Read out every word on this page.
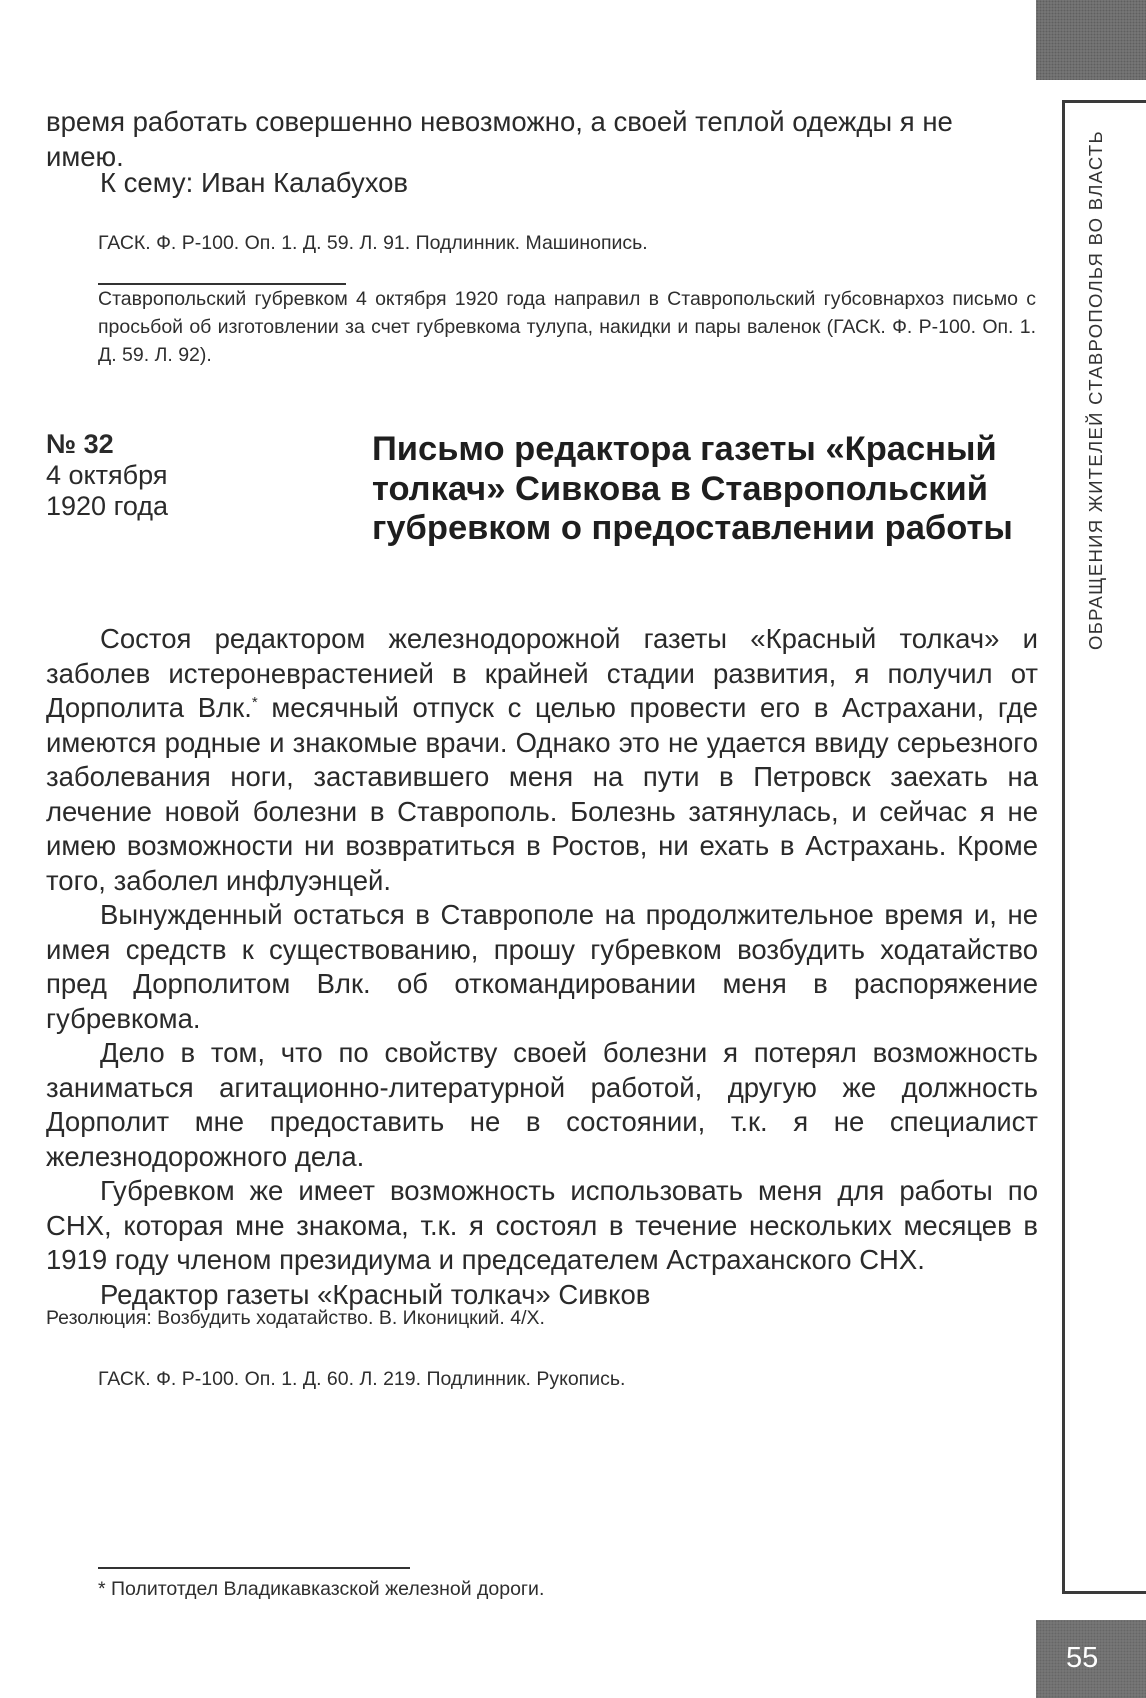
ОБРАЩЕНИЯ ЖИТЕЛЕЙ СТАВРОПОЛЬЯ ВО ВЛАСТЬ
55

время работать совершенно невозможно, а своей теплой одежды я не
имею.

К сему: Иван Калабухов

ГАСК. Ф. Р-100. Оп. 1. Д. 59. Л. 91. Подлинник. Машинопись.

Ставропольский губревком 4 октября 1920 года направил в Ставропольский губсовнархоз письмо с просьбой об изготовлении за счет губревкома тулупа, накидки и пары валенок (ГАСК. Ф. Р-100. Оп. 1. Д. 59. Л. 92).

№ 32
4 октября
1920 года
Письмо редактора газеты «Красный толкач» Сивкова в Ставропольский губревком о предоставлении работы

Состоя редактором железнодорожной газеты «Красный толкач» и заболев истероневрастенией в крайней стадии развития, я получил от Дорполита Влк.* месячный отпуск с целью провести его в Астрахани, где имеются родные и знакомые врачи. Однако это не удается ввиду серьезного заболевания ноги, заставившего меня на пути в Петровск заехать на лечение новой болезни в Ставрополь. Болезнь затянулась, и сейчас я не имею возможности ни возвратиться в Ростов, ни ехать в Астрахань. Кроме того, заболел инфлуэнцей.

Вынужденный остаться в Ставрополе на продолжительное время и, не имея средств к существованию, прошу губревком возбудить ходатайство пред Дорполитом Влк. об откомандировании меня в распоряжение губревкома.

Дело в том, что по свойству своей болезни я потерял возможность заниматься агитационно-литературной работой, другую же должность Дорполит мне предоставить не в состоянии, т.к. я не специалист железнодорожного дела.

Губревком же имеет возможность использовать меня для работы по СНХ, которая мне знакома, т.к. я состоял в течение нескольких месяцев в 1919 году членом президиума и председателем Астраханского СНХ.

Редактор газеты «Красный толкач» Сивков

Резолюция: Возбудить ходатайство. В. Иконицкий. 4/X.

ГАСК. Ф. Р-100. Оп. 1. Д. 60. Л. 219. Подлинник. Рукопись.

* Политотдел Владикавказской железной дороги.
